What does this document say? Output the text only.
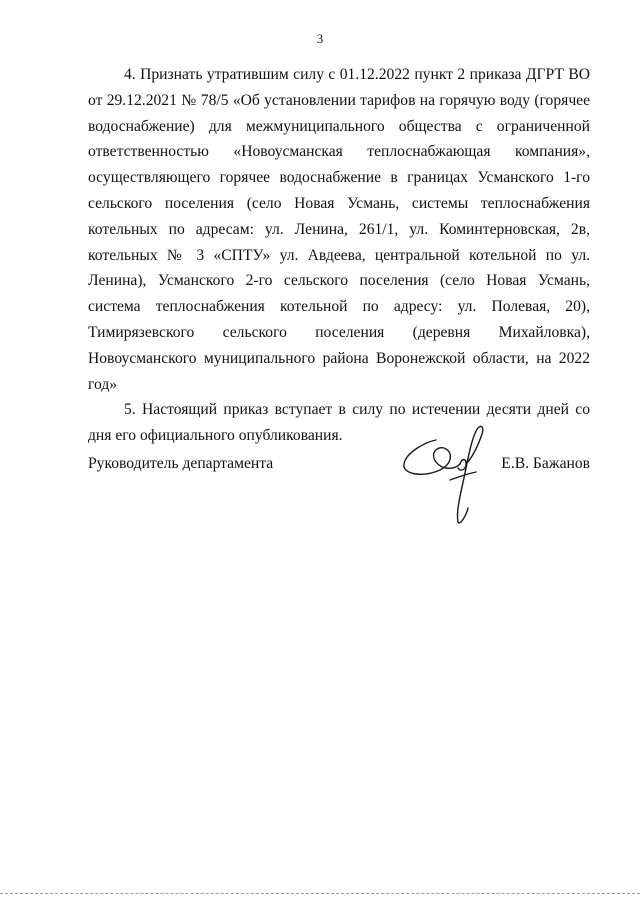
3

4. Признать утратившим силу с 01.12.2022 пункт 2 приказа ДГРТ ВО от 29.12.2021 № 78/5 «Об установлении тарифов на горячую воду (горячее водоснабжение) для межмуниципального общества с ограниченной ответственностью «Новоусманская теплоснабжающая компания», осуществляющего горячее водоснабжение в границах Усманского 1-го сельского поселения (село Новая Усмань, системы теплоснабжения котельных по адресам: ул. Ленина, 261/1, ул. Коминтерновская, 2в, котельных № 3 «СПТУ» ул. Авдеева, центральной котельной по ул. Ленина), Усманского 2-го сельского поселения (село Новая Усмань, система теплоснабжения котельной по адресу: ул. Полевая, 20), Тимирязевского сельского поселения (деревня Михайловка), Новоусманского муниципального района Воронежской области, на 2022 год»

5. Настоящий приказ вступает в силу по истечении десяти дней со дня его официального опубликования.

Руководитель департамента	Е.В. Бажанов
